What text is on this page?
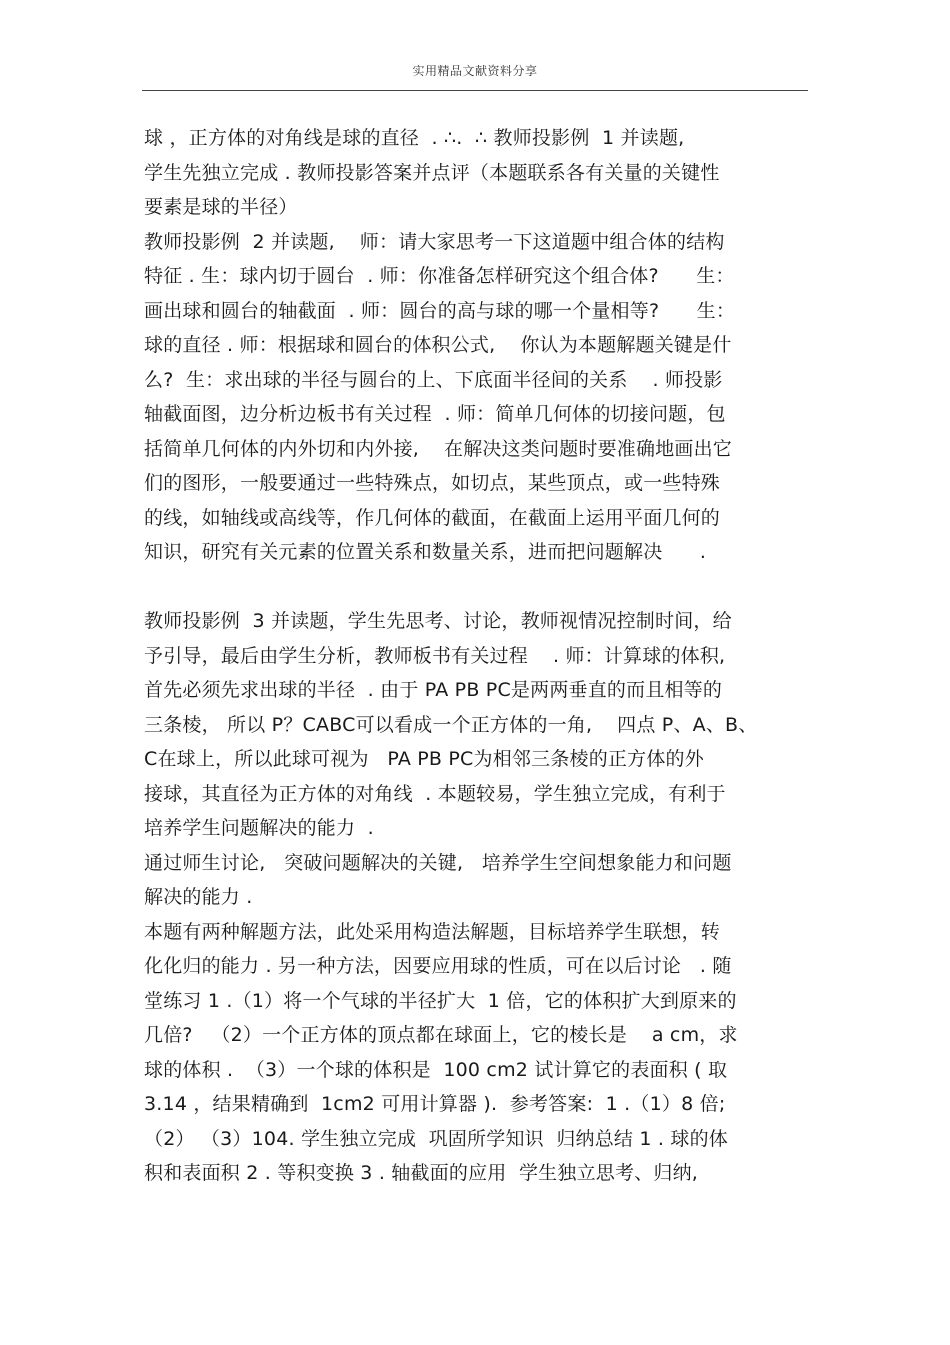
实用精品文献资料分享
球 ，正方体的对角线是球的直径  . ∴.  ∴ 教师投影例  1 并读题,
学生先独立完成 . 教师投影答案并点评（本题联系各有关量的关键性
要素是球的半径）
教师投影例  2 并读题,    师：请大家思考一下这道题中组合体的结构
特征 . 生：球内切于圆台  . 师：你准备怎样研究这个组合体?      生：
画出球和圆台的轴截面  . 师：圆台的高与球的哪一个量相等?      生：
球的直径 . 师：根据球和圆台的体积公式,    你认为本题解题关键是什
么?  生：求出球的半径与圆台的上、下底面半径间的关系    . 师投影
轴截面图，边分析边板书有关过程  . 师：简单几何体的切接问题，包
括简单几何体的内外切和内外接,    在解决这类问题时要准确地画出它
们的图形，一般要通过一些特殊点，如切点，某些顶点，或一些特殊
的线，如轴线或高线等，作几何体的截面，在截面上运用平面几何的
知识，研究有关元素的位置关系和数量关系，进而把问题解决      .
教师投影例  3 并读题，学生先思考、讨论，教师视情况控制时间，给
予引导，最后由学生分析，教师板书有关过程    . 师：计算球的体积,
首先必须先求出球的半径  . 由于 PA PB PC是两两垂直的而且相等的
三条棱， 所以 P？CABC可以看成一个正方体的一角,    四点 P、A、B、
C在球上，所以此球可视为   PA PB PC为相邻三条棱的正方体的外
接球，其直径为正方体的对角线  . 本题较易，学生独立完成，有利于
培养学生问题解决的能力  .
通过师生讨论,   突破问题解决的关键,   培养学生空间想象能力和问题
解决的能力 .
本题有两种解题方法，此处采用构造法解题，目标培养学生联想，转
化化归的能力 . 另一种方法，因要应用球的性质，可在以后讨论   . 随
堂练习 1 .（1）将一个气球的半径扩大  1 倍，它的体积扩大到原来的
几倍?   （2）一个正方体的顶点都在球面上，它的棱长是    a cm，求
球的体积 .  （3）一个球的体积是  100 cm2 试计算它的表面积 ( 取
3.14 ，结果精确到  1cm2 可用计算器 ).  参考答案:  1 .（1）8 倍;
（2） （3）104. 学生独立完成  巩固所学知识  归纳总结 1 . 球的体
积和表面积 2 . 等积变换 3 . 轴截面的应用  学生独立思考、归纳,
